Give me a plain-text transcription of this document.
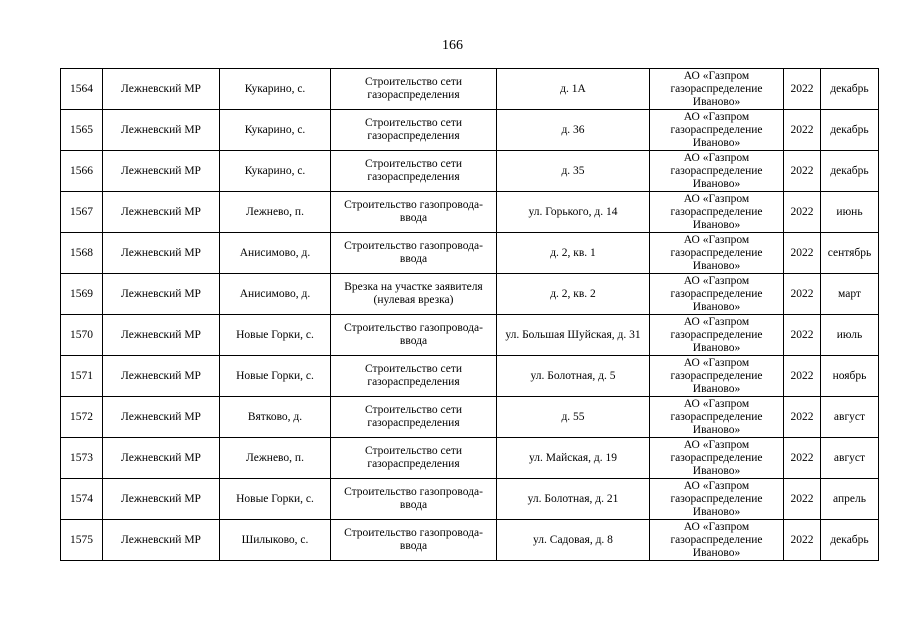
166
1564	Лежневский МР	Кукарино, с.	Строительство сети газораспределения	д. 1А	АО «Газпром газораспределение Иваново»	2022	декабрь
1565	Лежневский МР	Кукарино, с.	Строительство сети газораспределения	д. 36	АО «Газпром газораспределение Иваново»	2022	декабрь
1566	Лежневский МР	Кукарино, с.	Строительство сети газораспределения	д. 35	АО «Газпром газораспределение Иваново»	2022	декабрь
1567	Лежневский МР	Лежнево, п.	Строительство газопровода-ввода	ул. Горького, д. 14	АО «Газпром газораспределение Иваново»	2022	июнь
1568	Лежневский МР	Анисимово, д.	Строительство газопровода-ввода	д. 2, кв. 1	АО «Газпром газораспределение Иваново»	2022	сентябрь
1569	Лежневский МР	Анисимово, д.	Врезка на участке заявителя (нулевая врезка)	д. 2, кв. 2	АО «Газпром газораспределение Иваново»	2022	март
1570	Лежневский МР	Новые Горки, с.	Строительство газопровода-ввода	ул. Большая Шуйская, д. 31	АО «Газпром газораспределение Иваново»	2022	июль
1571	Лежневский МР	Новые Горки, с.	Строительство сети газораспределения	ул. Болотная, д. 5	АО «Газпром газораспределение Иваново»	2022	ноябрь
1572	Лежневский МР	Вятково, д.	Строительство сети газораспределения	д. 55	АО «Газпром газораспределение Иваново»	2022	август
1573	Лежневский МР	Лежнево, п.	Строительство сети газораспределения	ул. Майская, д. 19	АО «Газпром газораспределение Иваново»	2022	август
1574	Лежневский МР	Новые Горки, с.	Строительство газопровода-ввода	ул. Болотная, д. 21	АО «Газпром газораспределение Иваново»	2022	апрель
1575	Лежневский МР	Шилыково, с.	Строительство газопровода-ввода	ул. Садовая, д. 8	АО «Газпром газораспределение Иваново»	2022	декабрь
